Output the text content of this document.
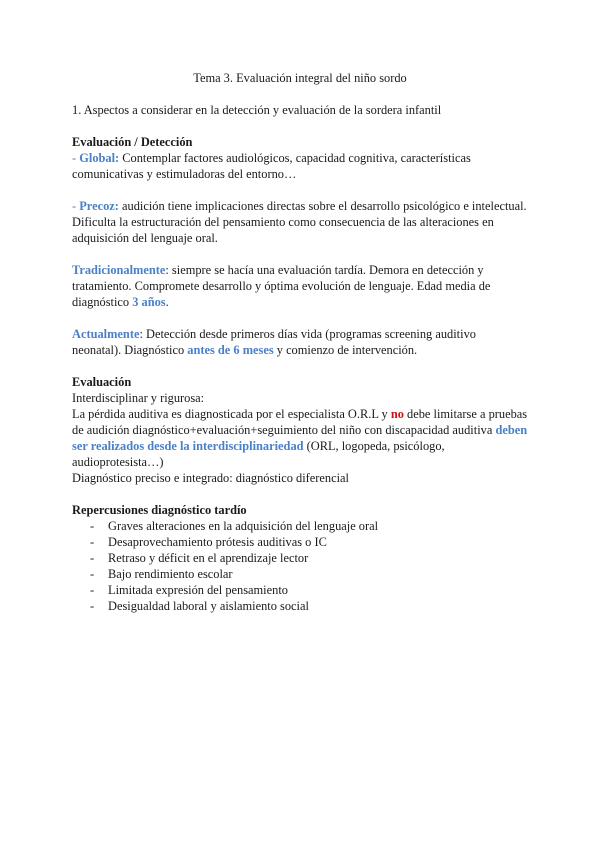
Tema 3. Evaluación integral del niño sordo

1. Aspectos a considerar en la detección y evaluación de la sordera infantil

Evaluación / Detección

- Global: Contemplar factores audiológicos, capacidad cognitiva, características comunicativas y estimuladoras del entorno…

- Precoz: audición tiene implicaciones directas sobre el desarrollo psicológico e intelectual. Dificulta la estructuración del pensamiento como consecuencia de las alteraciones en adquisición del lenguaje oral.

Tradicionalmente: siempre se hacía una evaluación tardía. Demora en detección y tratamiento. Compromete desarrollo y óptima evolución de lenguaje. Edad media de diagnóstico 3 años.

Actualmente: Detección desde primeros días vida (programas screening auditivo neonatal). Diagnóstico antes de 6 meses y comienzo de intervención.

Evaluación

Interdisciplinar y rigurosa:

La pérdida auditiva es diagnosticada por el especialista O.R.L y no debe limitarse a pruebas de audición diagnóstico+evaluación+seguimiento del niño con discapacidad auditiva deben ser realizados desde la interdisciplinariedad (ORL, logopeda, psicólogo, audioprotesista…)

Diagnóstico preciso e integrado: diagnóstico diferencial

Repercusiones diagnóstico tardío

- Graves alteraciones en la adquisición del lenguaje oral
- Desaprovechamiento prótesis auditivas o IC
- Retraso y déficit en el aprendizaje lector
- Bajo rendimiento escolar
- Limitada expresión del pensamiento
- Desigualdad laboral y aislamiento social
